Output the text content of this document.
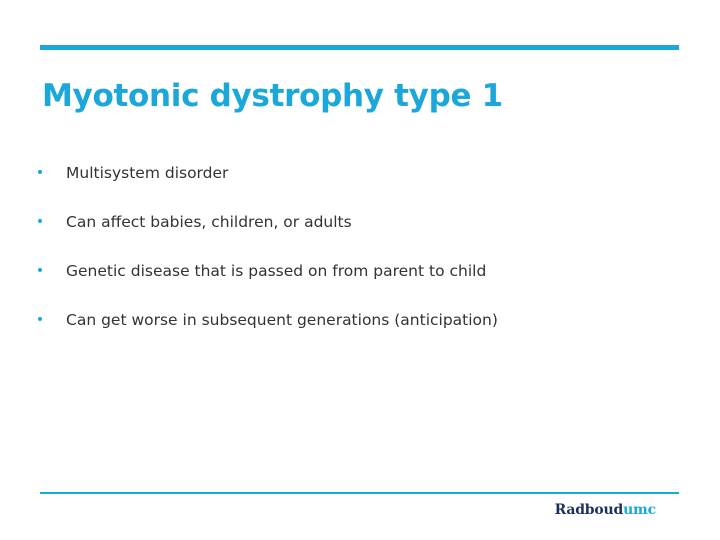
Myotonic dystrophy type 1
•	Multisystem disorder
•	Can affect babies, children, or adults
•	Genetic disease that is passed on from parent to child
•	Can get worse in subsequent generations (anticipation)
Radboudumc
